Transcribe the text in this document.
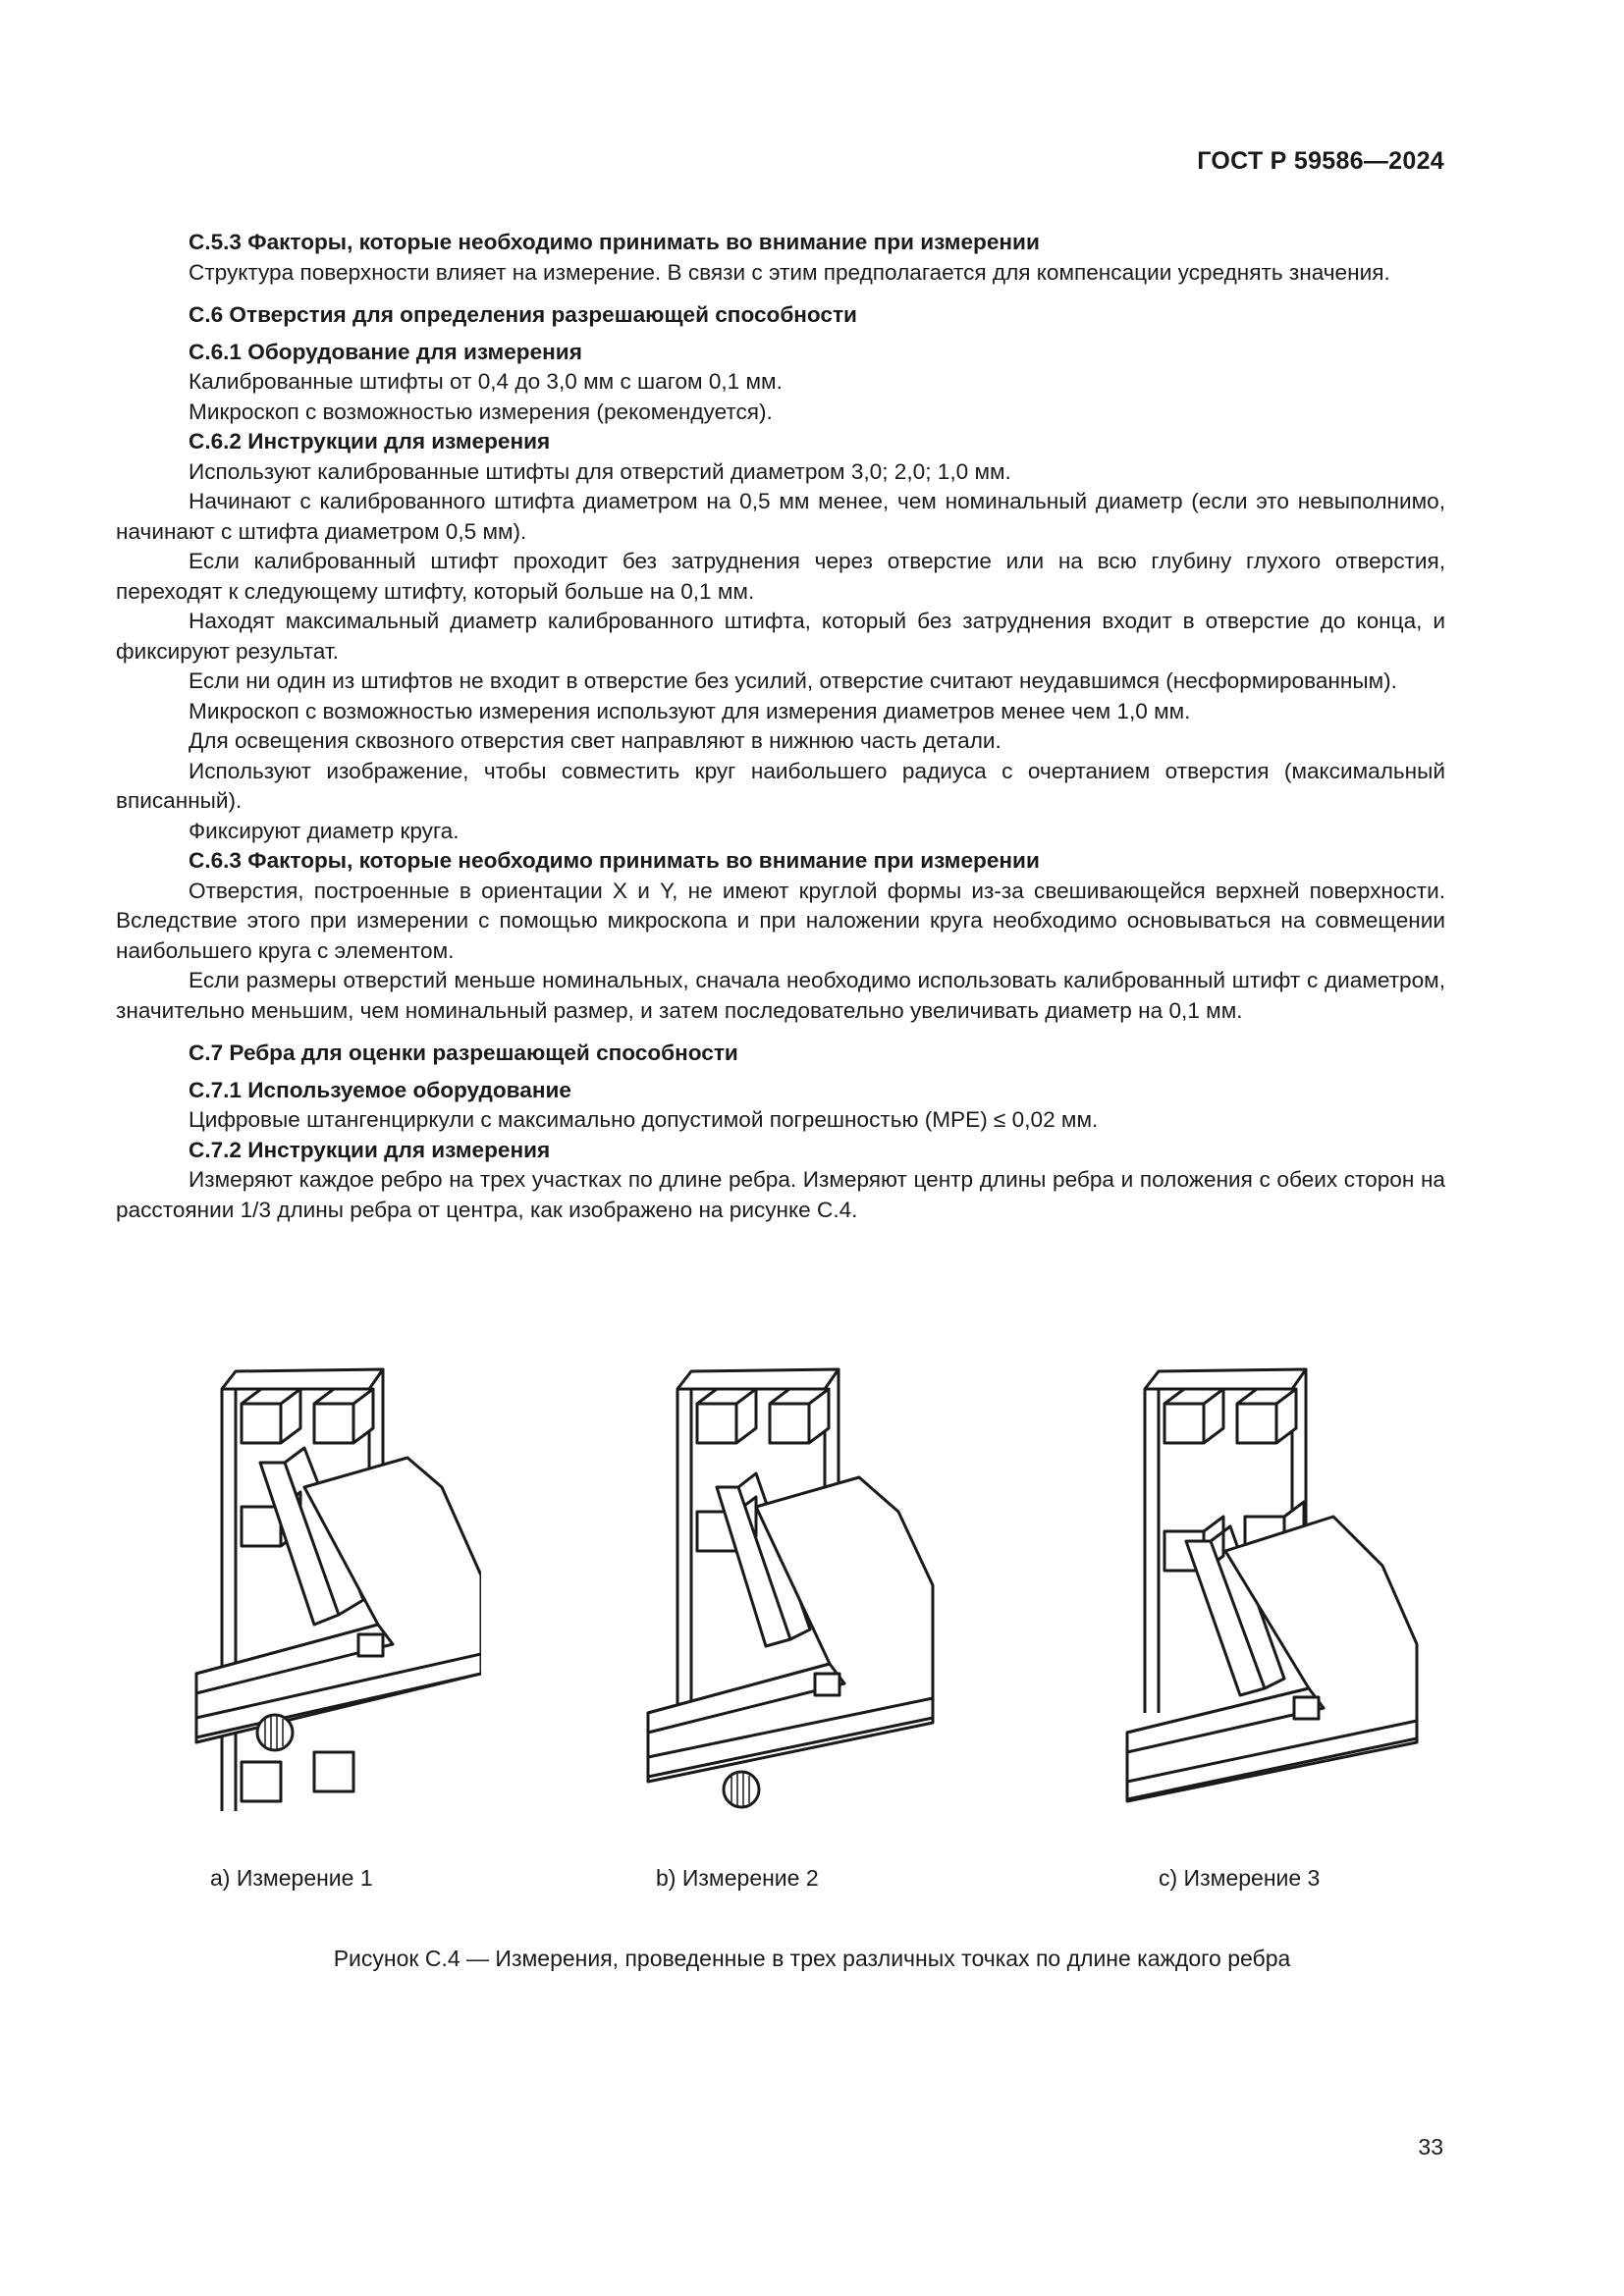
ГОСТ Р 59586—2024

С.5.3 Факторы, которые необходимо принимать во внимание при измерении

Структура поверхности влияет на измерение. В связи с этим предполагается для компенсации усреднять значения.

С.6 Отверстия для определения разрешающей способности

С.6.1 Оборудование для измерения

Калиброванные штифты от 0,4 до 3,0 мм с шагом 0,1 мм.

Микроскоп с возможностью измерения (рекомендуется).

С.6.2 Инструкции для измерения

Используют калиброванные штифты для отверстий диаметром 3,0; 2,0; 1,0 мм.

Начинают с калиброванного штифта диаметром на 0,5 мм менее, чем номинальный диаметр (если это невыполнимо, начинают с штифта диаметром 0,5 мм).

Если калиброванный штифт проходит без затруднения через отверстие или на всю глубину глухого отверстия, переходят к следующему штифту, который больше на 0,1 мм.

Находят максимальный диаметр калиброванного штифта, который без затруднения входит в отверстие до конца, и фиксируют результат.

Если ни один из штифтов не входит в отверстие без усилий, отверстие считают неудавшимся (несформированным).

Микроскоп с возможностью измерения используют для измерения диаметров менее чем 1,0 мм.

Для освещения сквозного отверстия свет направляют в нижнюю часть детали.

Используют изображение, чтобы совместить круг наибольшего радиуса с очертанием отверстия (максимальный вписанный).

Фиксируют диаметр круга.

С.6.3 Факторы, которые необходимо принимать во внимание при измерении

Отверстия, построенные в ориентации X и Y, не имеют круглой формы из-за свешивающейся верхней поверхности. Вследствие этого при измерении с помощью микроскопа и при наложении круга необходимо основываться на совмещении наибольшего круга с элементом.

Если размеры отверстий меньше номинальных, сначала необходимо использовать калиброванный штифт с диаметром, значительно меньшим, чем номинальный размер, и затем последовательно увеличивать диаметр на 0,1 мм.

С.7 Ребра для оценки разрешающей способности

С.7.1 Используемое оборудование

Цифровые штангенциркули с максимально допустимой погрешностью (MPE) ≤ 0,02 мм.

С.7.2 Инструкции для измерения

Измеряют каждое ребро на трех участках по длине ребра. Измеряют центр длины ребра и положения с обеих сторон на расстоянии 1/3 длины ребра от центра, как изображено на рисунке С.4.

a) Измерение 1	b) Измерение 2	c) Измерение 3
Рисунок С.4 — Измерения, проведенные в трех различных точках по длине каждого ребра
33
